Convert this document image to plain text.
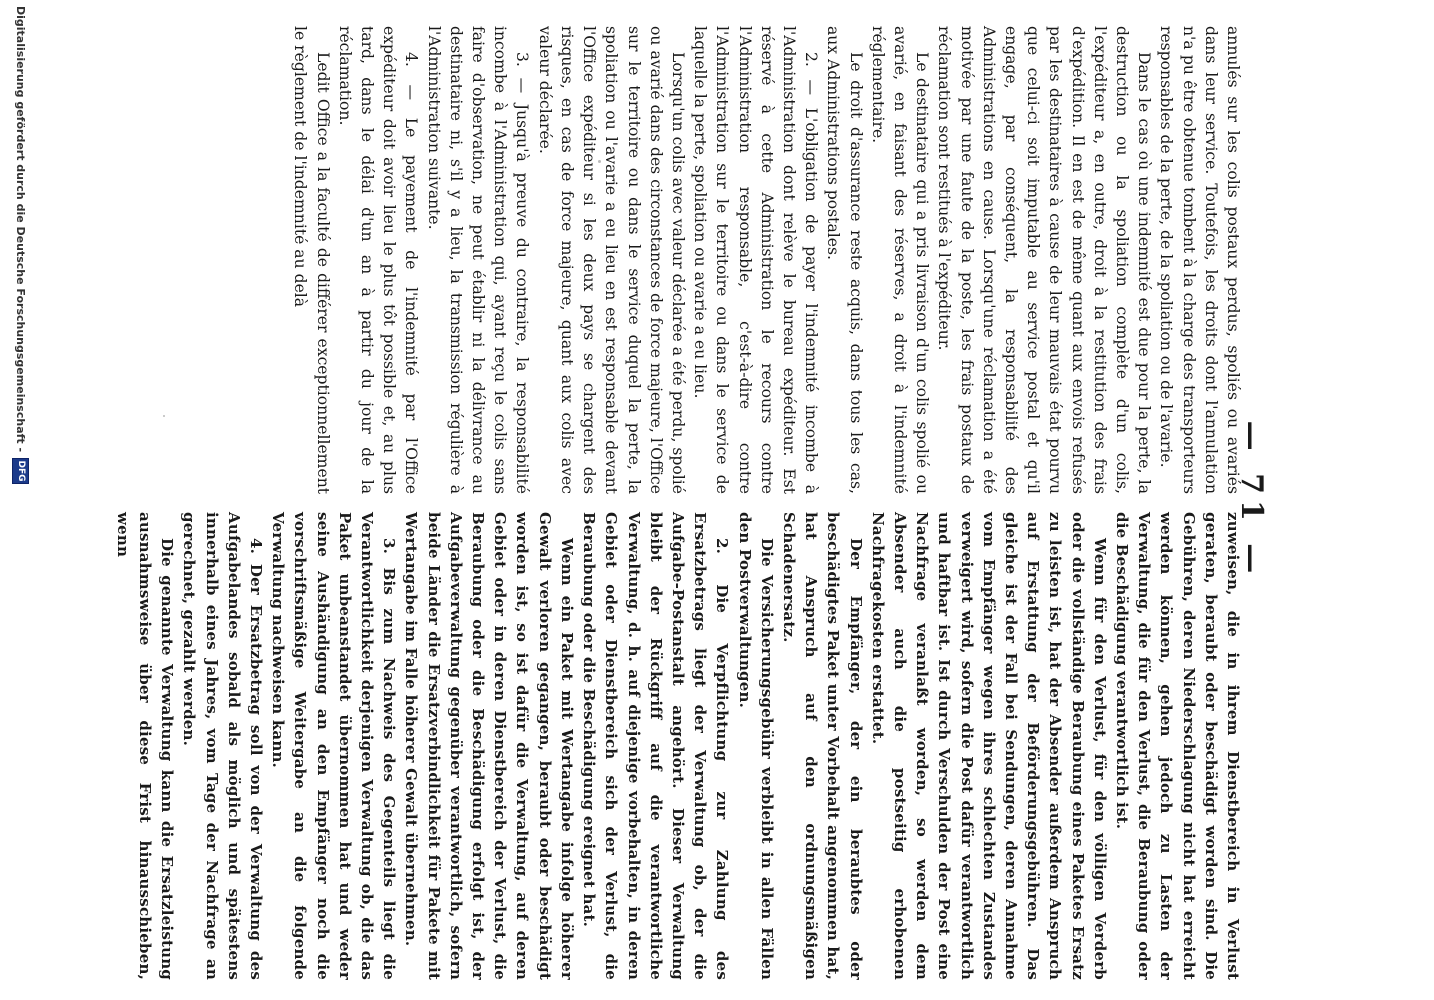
— 71 —

annulés sur les colis postaux perdus, spoliés ou avariés dans leur service. Toutefois, les droits dont l'annulation n'a pu être obtenue tombent à la charge des transporteurs responsables de la perte, de la spoliation ou de l'avarie.

Dans le cas où une indemnité est due pour la perte, la destruction ou la spoliation complète d'un colis, l'expéditeur a, en outre, droit à la restitution des frais d'expédition. Il en est de même quant aux envois refusés par les destinataires à cause de leur mauvais état pourvu que celui-ci soit imputable au service postal et qu'il engage, par conséquent, la responsabilité des Administrations en cause. Lorsqu'une réclamation a été motivée par une faute de la poste, les frais postaux de réclamation sont restitués à l'expéditeur.

Le destinataire qui a pris livraison d'un colis spolié ou avarié, en faisant des réserves, a droit à l'indemnité réglementaire.

Le droit d'assurance reste acquis, dans tous les cas, aux Administrations postales.

2. — L'obligation de payer l'indemnité incombe à l'Administration dont relève le bureau expéditeur. Est réservé à cette Administration le recours contre l'Administration responsable, c'est-à-dire contre l'Administration sur le territoire ou dans le service de laquelle la perte, spoliation ou avarie a eu lieu.

Lorsqu'un colis avec valeur déclarée a été perdu, spolié ou avarié dans des circonstances de force majeure, l'Office sur le territoire ou dans le service duquel la perte, la spoliation ou l'avarie a eu lieu en est responsable devant l'Office expéditeur si les deux pays se chargent des risques, en cas de force majeure, quant aux colis avec valeur déclarée.

3. — Jusqu'à preuve du contraire, la responsabilité incombe à l'Administration qui, ayant reçu le colis sans faire d'observation, ne peut établir ni la délivrance au destinataire ni, s'il y a lieu, la transmission régulière à l'Administration suivante.

4. — Le payement de l'indemnité par l'Office expéditeur doit avoir lieu le plus tôt possible et, au plus tard, dans le délai d'un an à partir du jour de la réclamation.

Ledit Office a la faculté de différer exceptionnellement le règlement de l'indemnité au delà

zuweisen, die in ihrem Dienstbereich in Verlust geraten, beraubt oder beschädigt worden sind. Die Gebühren, deren Niederschlagung nicht hat erreicht werden können, gehen jedoch zu Lasten der Verwaltung, die für den Verlust, die Beraubung oder die Beschädigung verantwortlich ist.

Wenn für den Verlust, für den völligen Verderb oder die vollständige Beraubung eines Paketes Ersatz zu leisten ist, hat der Absender außerdem Anspruch auf Erstattung der Beförderungsgebühren. Das gleiche ist der Fall bei Sendungen, deren Annahme vom Empfänger wegen ihres schlechten Zustandes verweigert wird, sofern die Post dafür verantwortlich und haftbar ist. Ist durch Verschulden der Post eine Nachfrage veranlaßt worden, so werden dem Absender auch die postseitig erhobenen Nachfragekosten erstattet.

Der Empfänger, der ein beraubtes oder beschädigtes Paket unter Vorbehalt angenommen hat, hat Anspruch auf den ordnungsmäßigen Schadenersatz.

Die Versicherungsgebühr verbleibt in allen Fällen den Postverwaltungen.

2. Die Verpflichtung zur Zahlung des Ersatzbetrags liegt der Verwaltung ob, der die Aufgabe-Postanstalt angehört. Dieser Verwaltung bleibt der Rückgriff auf die verantwortliche Verwaltung, d. h. auf diejenige vorbehalten, in deren Gebiet oder Dienstbereich sich der Verlust, die Beraubung oder die Beschädigung ereignet hat.

Wenn ein Paket mit Wertangabe infolge höherer Gewalt verloren gegangen, beraubt oder beschädigt worden ist, so ist dafür die Verwaltung, auf deren Gebiet oder in deren Dienstbereich der Verlust, die Beraubung oder die Beschädigung erfolgt ist, der Aufgabeverwaltung gegenüber verantwortlich, sofern beide Länder die Ersatzverbindlichkeit für Pakete mit Wertangabe im Falle höherer Gewalt übernehmen.

3. Bis zum Nachweis des Gegenteils liegt die Verantwortlichkeit derjenigen Verwaltung ob, die das Paket unbeanstandet übernommen hat und weder seine Aushändigung an den Empfänger noch die vorschriftsmäßige Weitergabe an die folgende Verwaltung nachweisen kann.

4. Der Ersatzbetrag soll von der Verwaltung des Aufgabelandes sobald als möglich und spätestens innerhalb eines Jahres, vom Tage der Nachfrage an gerechnet, gezahlt werden.

Die genannte Verwaltung kann die Ersatzleistung ausnahmsweise über diese Frist hinausschieben, wenn

Digitalisierung gefördert durch die Deutsche Forschungsgemeinschaft -
DFG
